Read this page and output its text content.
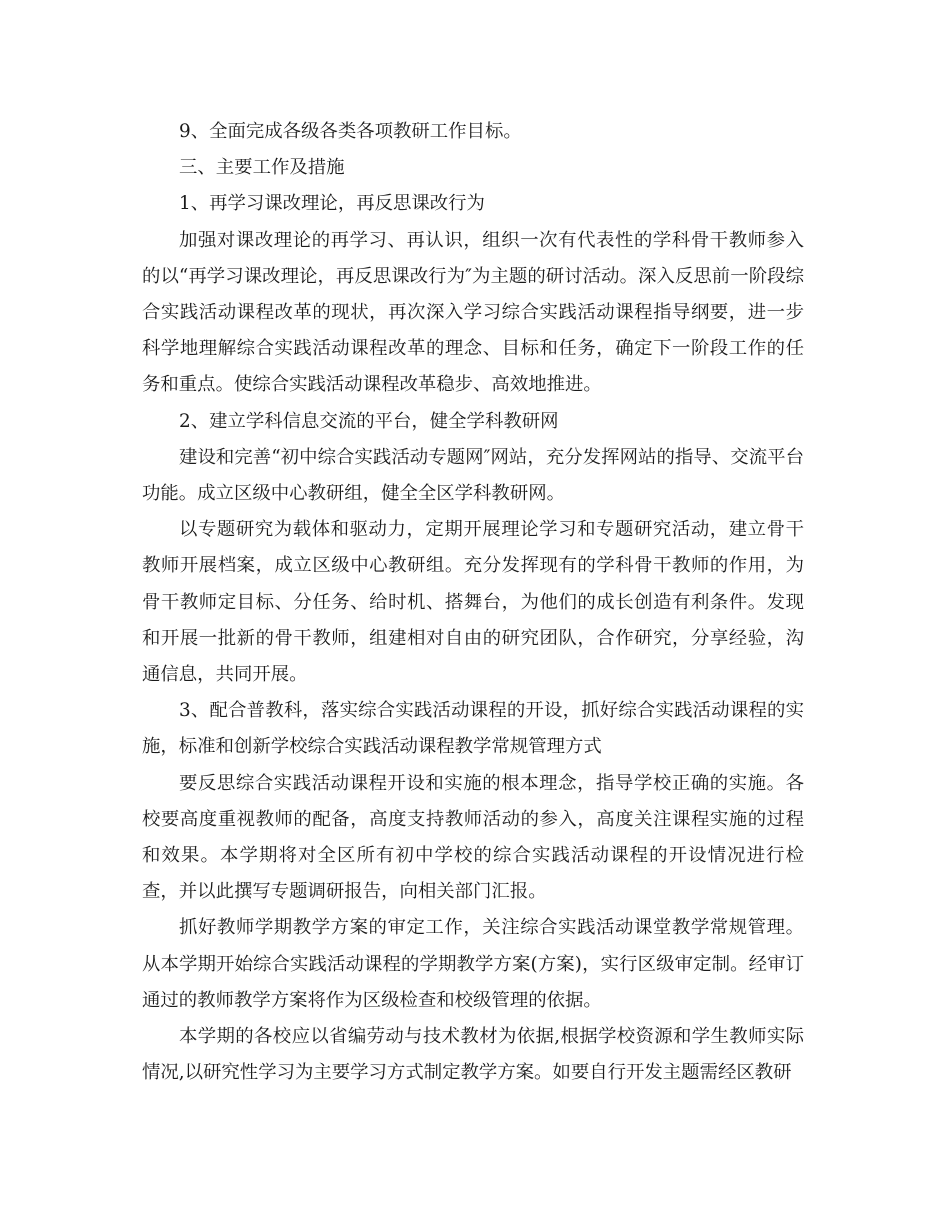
9、全面完成各级各类各项教研工作目标。

三、主要工作及措施

1、再学习课改理论，再反思课改行为

加强对课改理论的再学习、再认识，组织一次有代表性的学科骨干教师参入的以“再学习课改理论，再反思课改行为″为主题的研讨活动。深入反思前一阶段综合实践活动课程改革的现状，再次深入学习综合实践活动课程指导纲要，进一步科学地理解综合实践活动课程改革的理念、目标和任务，确定下一阶段工作的任务和重点。使综合实践活动课程改革稳步、高效地推进。

2、建立学科信息交流的平台，健全学科教研网

建设和完善“初中综合实践活动专题网″网站，充分发挥网站的指导、交流平台功能。成立区级中心教研组，健全全区学科教研网。

以专题研究为载体和驱动力，定期开展理论学习和专题研究活动，建立骨干教师开展档案，成立区级中心教研组。充分发挥现有的学科骨干教师的作用，为骨干教师定目标、分任务、给时机、搭舞台，为他们的成长创造有利条件。发现和开展一批新的骨干教师，组建相对自由的研究团队，合作研究，分享经验，沟通信息，共同开展。

3、配合普教科，落实综合实践活动课程的开设，抓好综合实践活动课程的实施，标准和创新学校综合实践活动课程教学常规管理方式

要反思综合实践活动课程开设和实施的根本理念，指导学校正确的实施。各校要高度重视教师的配备，高度支持教师活动的参入，高度关注课程实施的过程和效果。本学期将对全区所有初中学校的综合实践活动课程的开设情况进行检查，并以此撰写专题调研报告，向相关部门汇报。

抓好教师学期教学方案的审定工作，关注综合实践活动课堂教学常规管理。从本学期开始综合实践活动课程的学期教学方案(方案)，实行区级审定制。经审订通过的教师教学方案将作为区级检查和校级管理的依据。

本学期的各校应以省编劳动与技术教材为依据,根据学校资源和学生教师实际情况,以研究性学习为主要学习方式制定教学方案。如要自行开发主题需经区教研
